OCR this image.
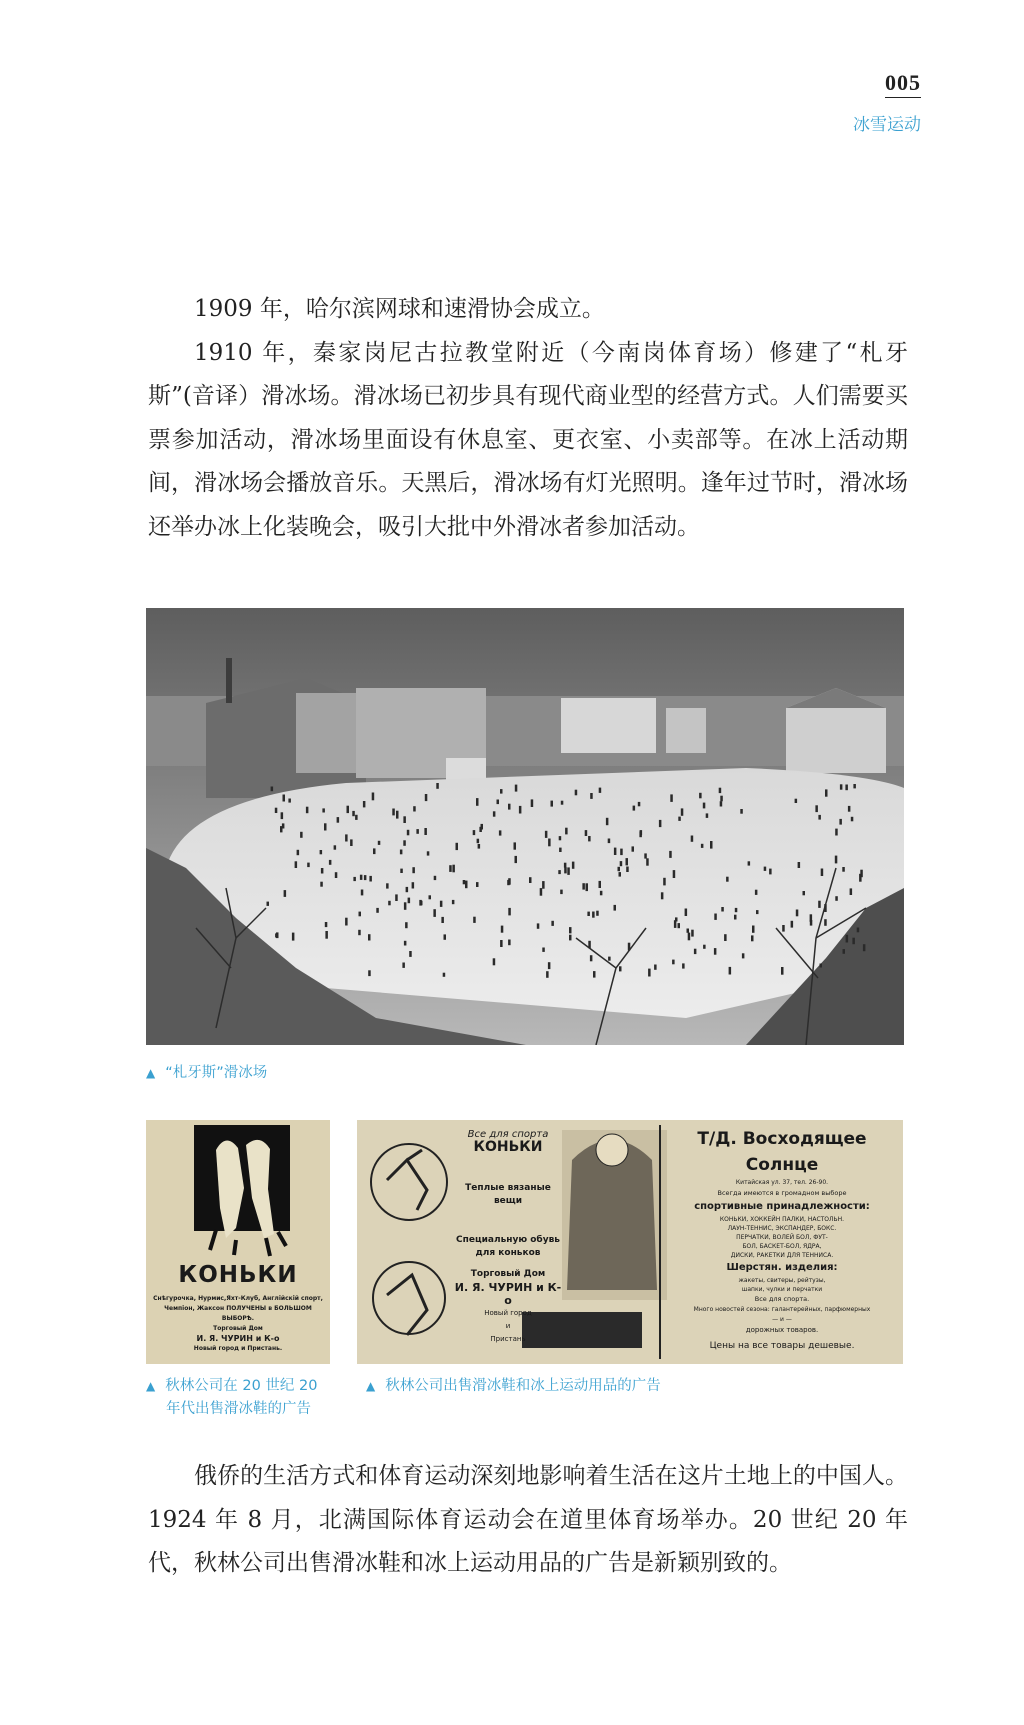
005
冰雪运动

1909 年，哈尔滨网球和速滑协会成立。

1910 年，秦家岗尼古拉教堂附近（今南岗体育场）修建了“札牙斯”(音译）滑冰场。滑冰场已初步具有现代商业型的经营方式。人们需要买票参加活动，滑冰场里面设有休息室、更衣室、小卖部等。在冰上活动期间，滑冰场会播放音乐。天黑后，滑冰场有灯光照明。逢年过节时，滑冰场还举办冰上化装晚会，吸引大批中外滑冰者参加活动。

▲ “札牙斯”滑冰场
КОНЬКИ
Снѣгурочка, Нурмис,Яхт-Клуб, Англійскій спорт,
Чемпіон, Жаксон ПОЛУЧЕНЫ в БОЛЬШОМ
ВЫБОРѢ.
Торговый Дом
И. Я. ЧУРИН и К-о
Новый город и Пристань.
Все для спорта
КОНЬКИ
Теплые вязаные
вещи
Специальную обувь
для коньков
Торговый Дом
И. Я. ЧУРИН и К-о
Новый город
и
Пристань
Т/Д. Восходящее Солнце
Китайская ул. 37, тел. 26-90.
Всегда имеются в громадном выборе
спортивные принадлежности:
КОНЬКИ, ХОККЕЙН ПАЛКИ, НАСТОЛЬН.
ЛАУН-ТЕННИС, ЭКСПАНДЕР, БОКС.
ПЕРЧАТКИ, ВОЛЕЙ БОЛ, ФУТ-
БОЛ, БАСКЕТ-БОЛ, ЯДРА,
ДИСКИ, РАКЕТКИ ДЛЯ ТЕННИСА.
Шерстян. изделия:
жакеты, свитеры, рейтузы,
шапки, чулки и перчатки
Все для спорта.
Много новостей сезона: галантерейных, парфюмерных
— и —
дорожных товаров.
Цены на все товары дешевые.
▲ 秋林公司在 20 世纪 20
年代出售滑冰鞋的广告
▲ 秋林公司出售滑冰鞋和冰上运动用品的广告

俄侨的生活方式和体育运动深刻地影响着生活在这片土地上的中国人。1924 年 8 月，北满国际体育运动会在道里体育场举办。20 世纪 20 年代，秋林公司出售滑冰鞋和冰上运动用品的广告是新颖别致的。
